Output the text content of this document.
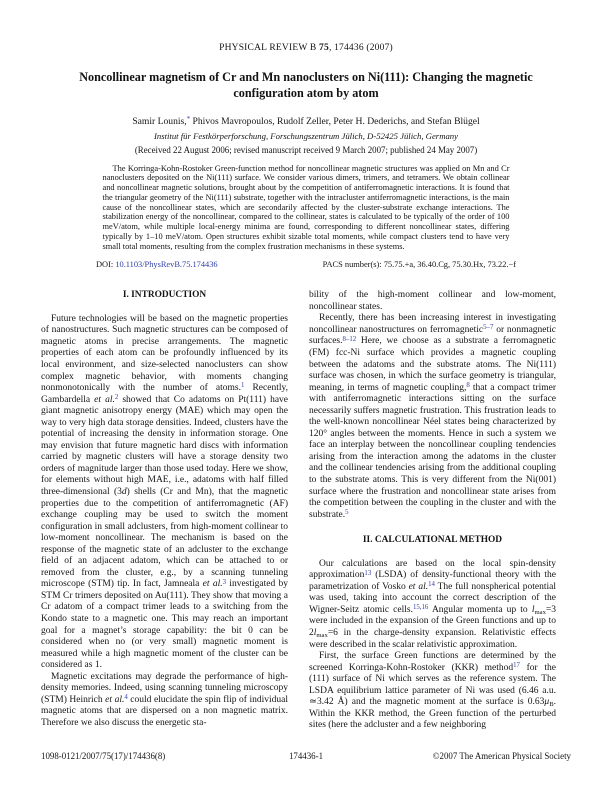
PHYSICAL REVIEW B 75, 174436 (2007)
Noncollinear magnetism of Cr and Mn nanoclusters on Ni(111): Changing the magnetic
configuration atom by atom
Samir Lounis,* Phivos Mavropoulos, Rudolf Zeller, Peter H. Dederichs, and Stefan Blügel
Institut für Festkörperforschung, Forschungszentrum Jülich, D-52425 Jülich, Germany
(Received 22 August 2006; revised manuscript received 9 March 2007; published 24 May 2007)
The Korringa-Kohn-Rostoker Green-function method for noncollinear magnetic structures was applied on Mn and Cr nanoclusters deposited on the Ni(111) surface. We consider various dimers, trimers, and tetramers. We obtain collinear and noncollinear magnetic solutions, brought about by the competition of antiferromagnetic interactions. It is found that the triangular geometry of the Ni(111) substrate, together with the intracluster antiferromagnetic interactions, is the main cause of the noncollinear states, which are secondarily affected by the cluster-substrate exchange interactions. The stabilization energy of the noncollinear, compared to the collinear, states is calculated to be typically of the order of 100 meV/atom, while multiple local-energy minima are found, corresponding to different noncollinear states, differing typically by 1–10 meV/atom. Open structures exhibit sizable total moments, while compact clusters tend to have very small total moments, resulting from the complex frustration mechanisms in these systems.
DOI: 10.1103/PhysRevB.75.174436	PACS number(s): 75.75.+a, 36.40.Cg, 75.30.Hx, 73.22.−f
I. INTRODUCTION

Future technologies will be based on the magnetic properties of nanostructures. Such magnetic structures can be composed of magnetic atoms in precise arrangements. The magnetic properties of each atom can be profoundly influenced by its local environment, and size-selected nanoclusters can show complex magnetic behavior, with moments changing nonmonotonically with the number of atoms.$^1$ Recently, Gambardella et al.$^2$ showed that Co adatoms on Pt(111) have giant magnetic anisotropy energy (MAE) which may open the way to very high data storage densities. Indeed, clusters have the potential of increasing the density in information storage. One may envision that future magnetic hard discs with information carried by magnetic clusters will have a storage density two orders of magnitude larger than those used today. Here we show, for elements without high MAE, i.e., adatoms with half filled three-dimensional (3d) shells (Cr and Mn), that the magnetic properties due to the competition of antiferromagnetic (AF) exchange coupling may be used to switch the moment configuration in small adclusters, from high-moment collinear to low-moment noncollinear. The mechanism is based on the response of the magnetic state of an adcluster to the exchange field of an adjacent adatom, which can be attached to or removed from the cluster, e.g., by a scanning tunneling microscope (STM) tip. In fact, Jamneala et al.$^3$ investigated by STM Cr trimers deposited on Au(111). They show that moving a Cr adatom of a compact trimer leads to a switching from the Kondo state to a magnetic one. This may reach an important goal for a magnet’s storage capability: the bit 0 can be considered when no (or very small) magnetic moment is measured while a high magnetic moment of the cluster can be considered as 1.

Magnetic excitations may degrade the performance of high-density memories. Indeed, using scanning tunneling microscopy (STM) Heinrich et al.$^4$ could elucidate the spin flip of individual magnetic atoms that are dispersed on a non magnetic matrix. Therefore we also discuss the energetic sta-

bility of the high-moment collinear and low-moment, noncollinear states.

Recently, there has been increasing interest in investigating noncollinear nanostructures on ferromagnetic$^{5-7}$ or nonmagnetic surfaces.$^{8-12}$ Here, we choose as a substrate a ferromagnetic (FM) fcc-Ni surface which provides a magnetic coupling between the adatoms and the substrate atoms. The Ni(111) surface was chosen, in which the surface geometry is triangular, meaning, in terms of magnetic coupling,$^8$ that a compact trimer with antiferromagnetic interactions sitting on the surface necessarily suffers magnetic frustration. This frustration leads to the well-known noncollinear Néel states being characterized by 120° angles between the moments. Hence in such a system we face an interplay between the noncollinear coupling tendencies arising from the interaction among the adatoms in the cluster and the collinear tendencies arising from the additional coupling to the substrate atoms. This is very different from the Ni(001) surface where the frustration and noncollinear state arises from the competition between the coupling in the cluster and with the substrate.$^5$

II. CALCULATIONAL METHOD

Our calculations are based on the local spin-density approximation$^{13}$ (LSDA) of density-functional theory with the parametrization of Vosko et al.$^{14}$ The full nonspherical potential was used, taking into account the correct description of the Wigner-Seitz atomic cells.$^{15,16}$ Angular momenta up to lmax=3 were included in the expansion of the Green functions and up to 2lmax=6 in the charge-density expansion. Relativistic effects were described in the scalar relativistic approximation.

First, the surface Green functions are determined by the screened Korringa-Kohn-Rostoker (KKR) method$^{17}$ for the (111) surface of Ni which serves as the reference system. The LSDA equilibrium lattice parameter of Ni was used (6.46 a.u. ≃3.42 Å) and the magnetic moment at the surface is 0.63μB. Within the KKR method, the Green function of the perturbed sites (here the adcluster and a few neighboring

1098-0121/2007/75(17)/174436(8)	174436-1	©2007 The American Physical Society
